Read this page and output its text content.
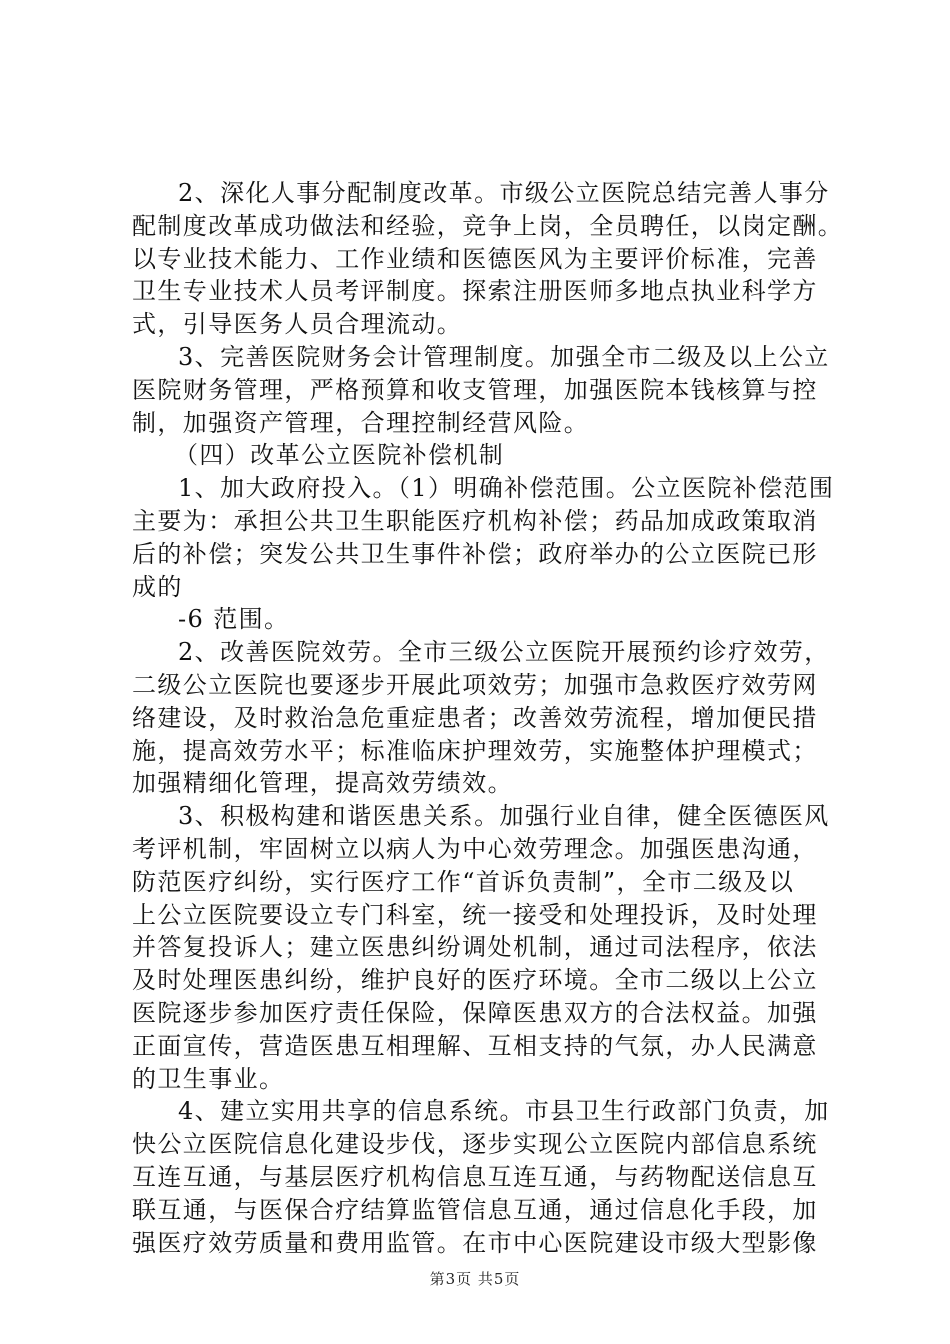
2、深化人事分配制度改革。市级公立医院总结完善人事分
配制度改革成功做法和经验，竞争上岗，全员聘任，以岗定酬。
以专业技术能力、工作业绩和医德医风为主要评价标准，完善
卫生专业技术人员考评制度。探索注册医师多地点执业科学方
式，引导医务人员合理流动。
3、完善医院财务会计管理制度。加强全市二级及以上公立
医院财务管理，严格预算和收支管理，加强医院本钱核算与控
制，加强资产管理，合理控制经营风险。
（四）改革公立医院补偿机制
1、加大政府投入。（1）明确补偿范围。公立医院补偿范围
主要为：承担公共卫生职能医疗机构补偿；药品加成政策取消
后的补偿；突发公共卫生事件补偿；政府举办的公立医院已形
成的
-6 范围。
2、改善医院效劳。全市三级公立医院开展预约诊疗效劳，
二级公立医院也要逐步开展此项效劳；加强市急救医疗效劳网
络建设，及时救治急危重症患者；改善效劳流程，增加便民措
施，提高效劳水平；标准临床护理效劳，实施整体护理模式；
加强精细化管理，提高效劳绩效。
3、积极构建和谐医患关系。加强行业自律，健全医德医风
考评机制，牢固树立以病人为中心效劳理念。加强医患沟通，
防范医疗纠纷，实行医疗工作“首诉负责制”，全市二级及以
上公立医院要设立专门科室，统一接受和处理投诉，及时处理
并答复投诉人；建立医患纠纷调处机制，通过司法程序，依法
及时处理医患纠纷，维护良好的医疗环境。全市二级以上公立
医院逐步参加医疗责任保险，保障医患双方的合法权益。加强
正面宣传，营造医患互相理解、互相支持的气氛，办人民满意
的卫生事业。
4、建立实用共享的信息系统。市县卫生行政部门负责，加
快公立医院信息化建设步伐，逐步实现公立医院内部信息系统
互连互通，与基层医疗机构信息互连互通，与药物配送信息互
联互通，与医保合疗结算监管信息互通，通过信息化手段，加
强医疗效劳质量和费用监管。在市中心医院建设市级大型影像
第3页 共5页
